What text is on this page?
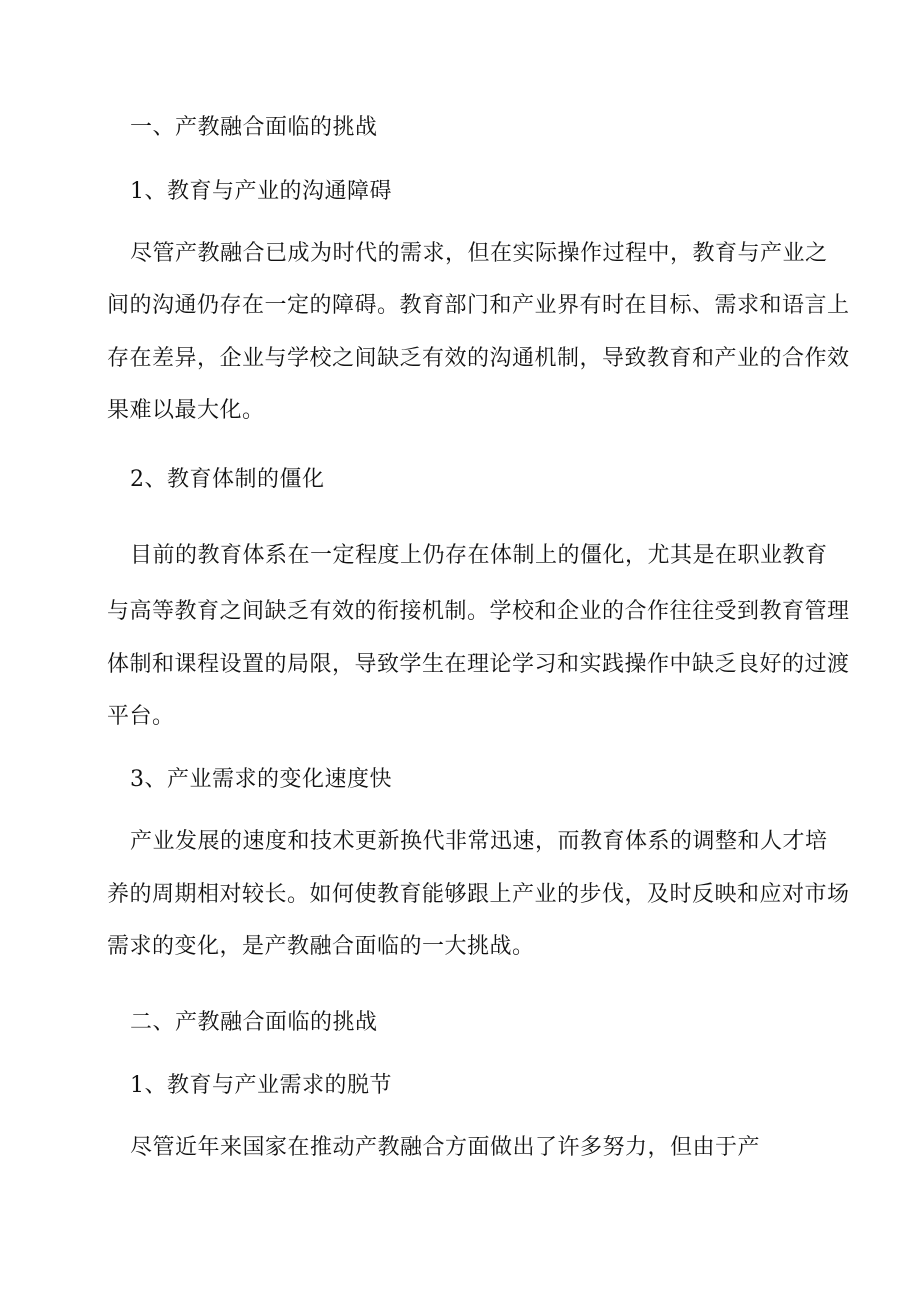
一、产教融合面临的挑战
1、教育与产业的沟通障碍
尽管产教融合已成为时代的需求，但在实际操作过程中，教育与产业之
间的沟通仍存在一定的障碍。教育部门和产业界有时在目标、需求和语言上
存在差异，企业与学校之间缺乏有效的沟通机制，导致教育和产业的合作效
果难以最大化。
2、教育体制的僵化
目前的教育体系在一定程度上仍存在体制上的僵化，尤其是在职业教育
与高等教育之间缺乏有效的衔接机制。学校和企业的合作往往受到教育管理
体制和课程设置的局限，导致学生在理论学习和实践操作中缺乏良好的过渡
平台。
3、产业需求的变化速度快
产业发展的速度和技术更新换代非常迅速，而教育体系的调整和人才培
养的周期相对较长。如何使教育能够跟上产业的步伐，及时反映和应对市场
需求的变化，是产教融合面临的一大挑战。
二、产教融合面临的挑战
1、教育与产业需求的脱节
尽管近年来国家在推动产教融合方面做出了许多努力，但由于产
